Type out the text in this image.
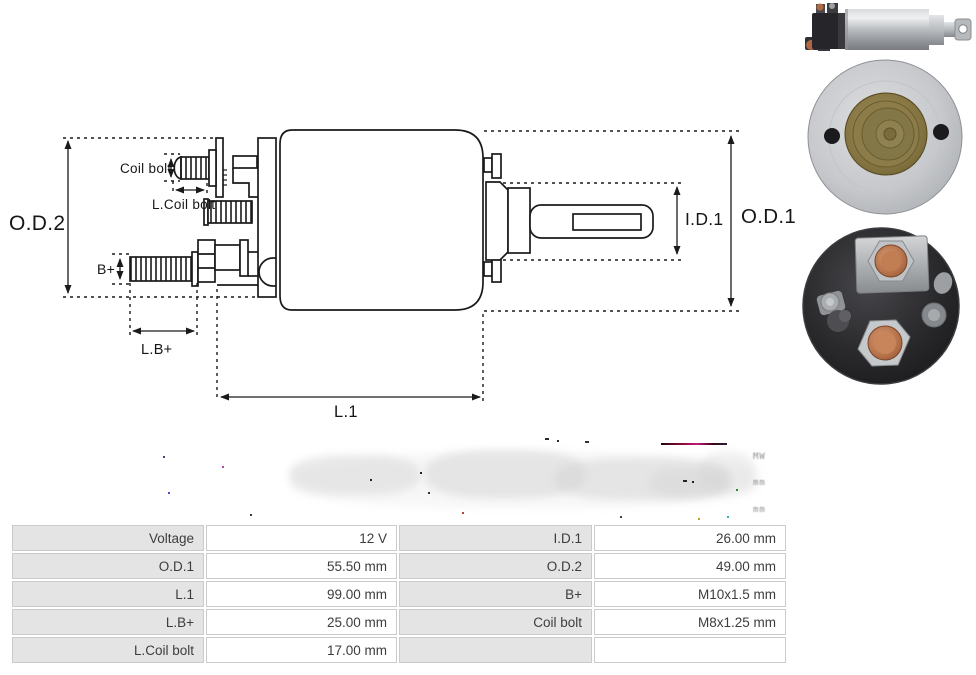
O.D.2
Coil bolt
L.Coil bolt
B+
L.B+
L.1
I.D.1 O.D.1
MW
mm
mm
Voltage	12 V	I.D.1	26.00 mm
O.D.1	55.50 mm	O.D.2	49.00 mm
L.1	99.00 mm	B+	M10x1.5 mm
L.B+	25.00 mm	Coil bolt	M8x1.25 mm
L.Coil bolt	17.00 mm
